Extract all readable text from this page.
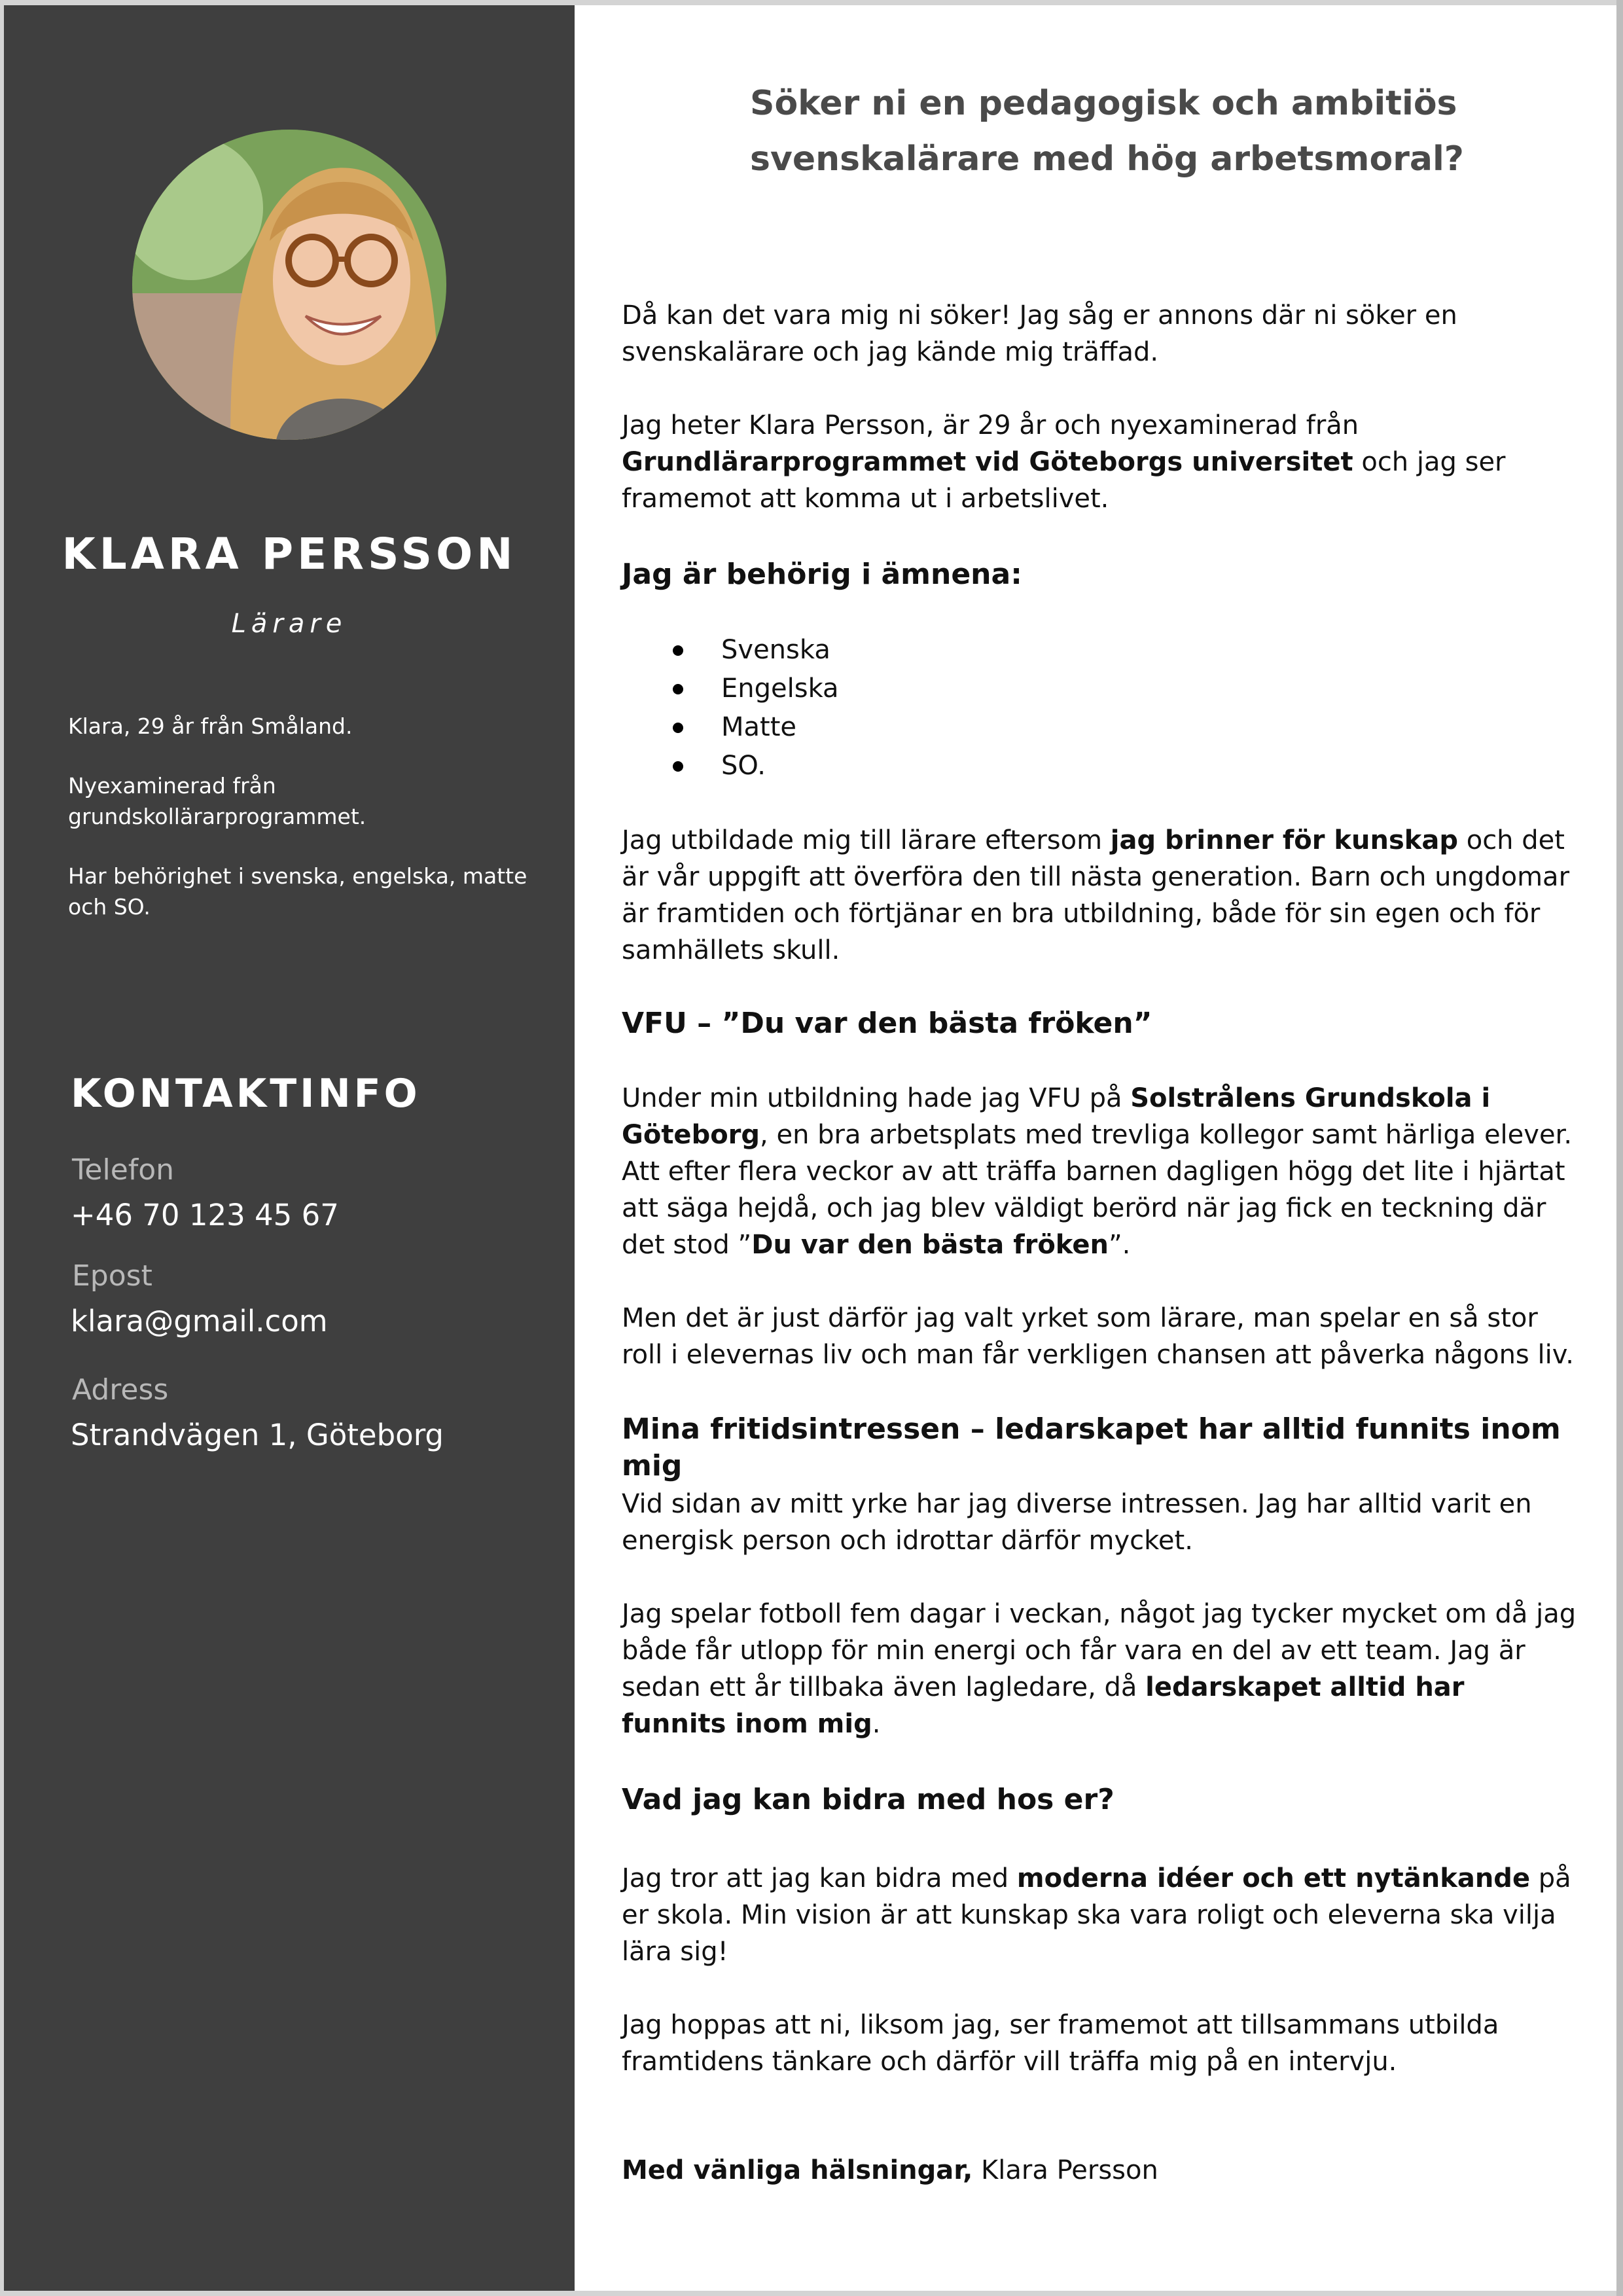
KLARA PERSSON

Lärare

Klara, 29 år från Småland.

Nyexaminerad från grundskollärarprogrammet.

Har behörighet i svenska, engelska, matte och SO.

KONTAKTINFO
Telefon
+46 70 123 45 67
Epost
klara@gmail.com
Adress
Strandvägen 1, Göteborg
Söker ni en pedagogisk och ambitiös
svenskalärare med hög arbetsmoral?

Då kan det vara mig ni söker! Jag såg er annons där ni söker en svenskalärare och jag kände mig träffad.

Jag heter Klara Persson, är 29 år och nyexaminerad från Grundlärarprogrammet vid Göteborgs universitet och jag ser framemot att komma ut i arbetslivet.

Jag är behörig i ämnena:
Svenska
Engelska
Matte
SO.

Jag utbildade mig till lärare eftersom jag brinner för kunskap och det är vår uppgift att överföra den till nästa generation. Barn och ungdomar är framtiden och förtjänar en bra utbildning, både för sin egen och för samhällets skull.

VFU – ”Du var den bästa fröken”

Under min utbildning hade jag VFU på Solstrålens Grundskola i Göteborg, en bra arbetsplats med trevliga kollegor samt härliga elever. Att efter flera veckor av att träffa barnen dagligen högg det lite i hjärtat att säga hejdå, och jag blev väldigt berörd när jag fick en teckning där det stod ”Du var den bästa fröken”.

Men det är just därför jag valt yrket som lärare, man spelar en så stor roll i elevernas liv och man får verkligen chansen att påverka någons liv.

Mina fritidsintressen – ledarskapet har alltid funnits inom mig

Vid sidan av mitt yrke har jag diverse intressen. Jag har alltid varit en energisk person och idrottar därför mycket.

Jag spelar fotboll fem dagar i veckan, något jag tycker mycket om då jag både får utlopp för min energi och får vara en del av ett team. Jag är sedan ett år tillbaka även lagledare, då ledarskapet alltid har funnits inom mig.

Vad jag kan bidra med hos er?

Jag tror att jag kan bidra med moderna idéer och ett nytänkande på er skola. Min vision är att kunskap ska vara roligt och eleverna ska vilja lära sig!

Jag hoppas att ni, liksom jag, ser framemot att tillsammans utbilda framtidens tänkare och därför vill träffa mig på en intervju.

Med vänliga hälsningar, Klara Persson
